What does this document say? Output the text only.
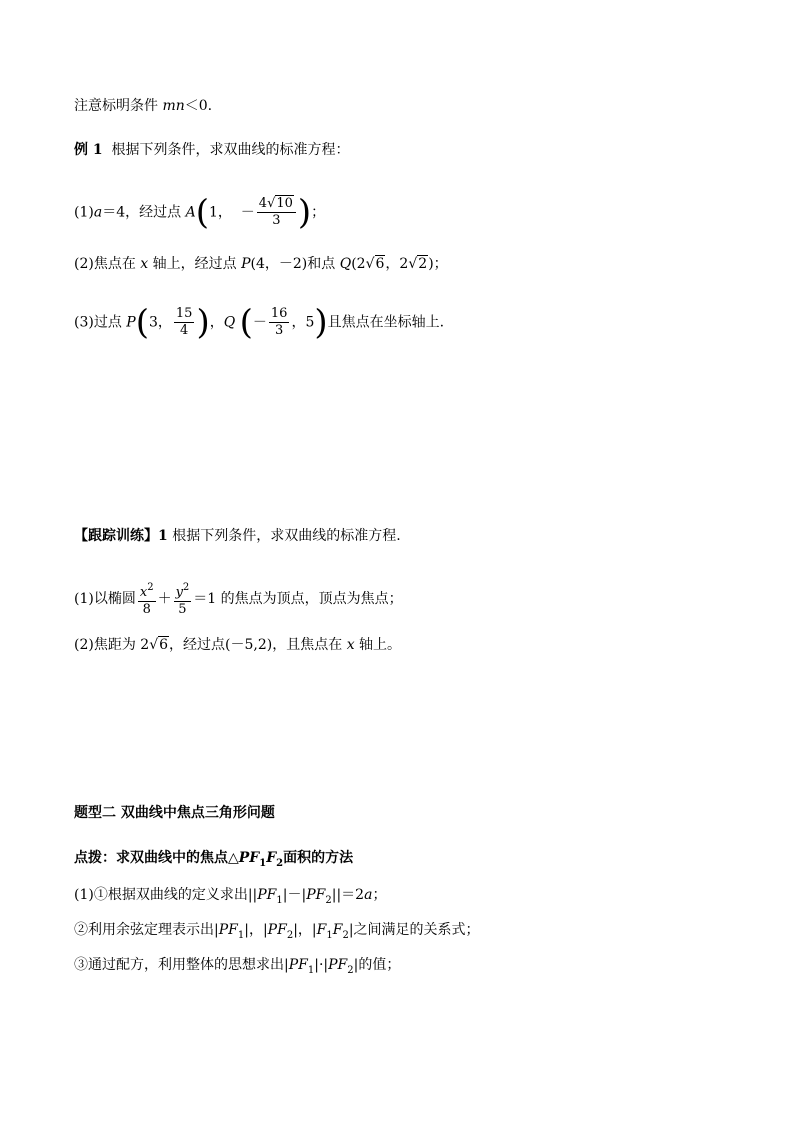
注意标明条件 mn＜0.
例 1 根据下列条件，求双曲线的标准方程：
(1)a＝4，经过点 A(1， － $\frac{4√10}{3}$ )；
(2)焦点在 x 轴上，经过点 P(4，－2)和点 Q(2√6，2√2)；
(3)过点 P(3， $\frac{15}{4}$ )，Q (－ $\frac{16}{3}$ ，5)且焦点在坐标轴上.
【跟踪训练】1 根据下列条件，求双曲线的标准方程.
(1)以椭圆 $\frac{x^2}{8} + \frac{y^2}{5} =1$ 的焦点为顶点，顶点为焦点；
(2)焦距为 2√6，经过点(－5,2)，且焦点在 x 轴上。
题型二 双曲线中焦点三角形问题
点拨：求双曲线中的焦点$\triangle PF_1F_2$面积的方法
(1)①根据双曲线的定义求出$||PF_1|-|PF_2||=2a$；
②利用余弦定理表示出$|PF_1|$，$|PF_2|$，$|F_1F_2|$之间满足的关系式；
③通过配方，利用整体的思想求出$|PF_1|\cdot|PF_2|$的值；
